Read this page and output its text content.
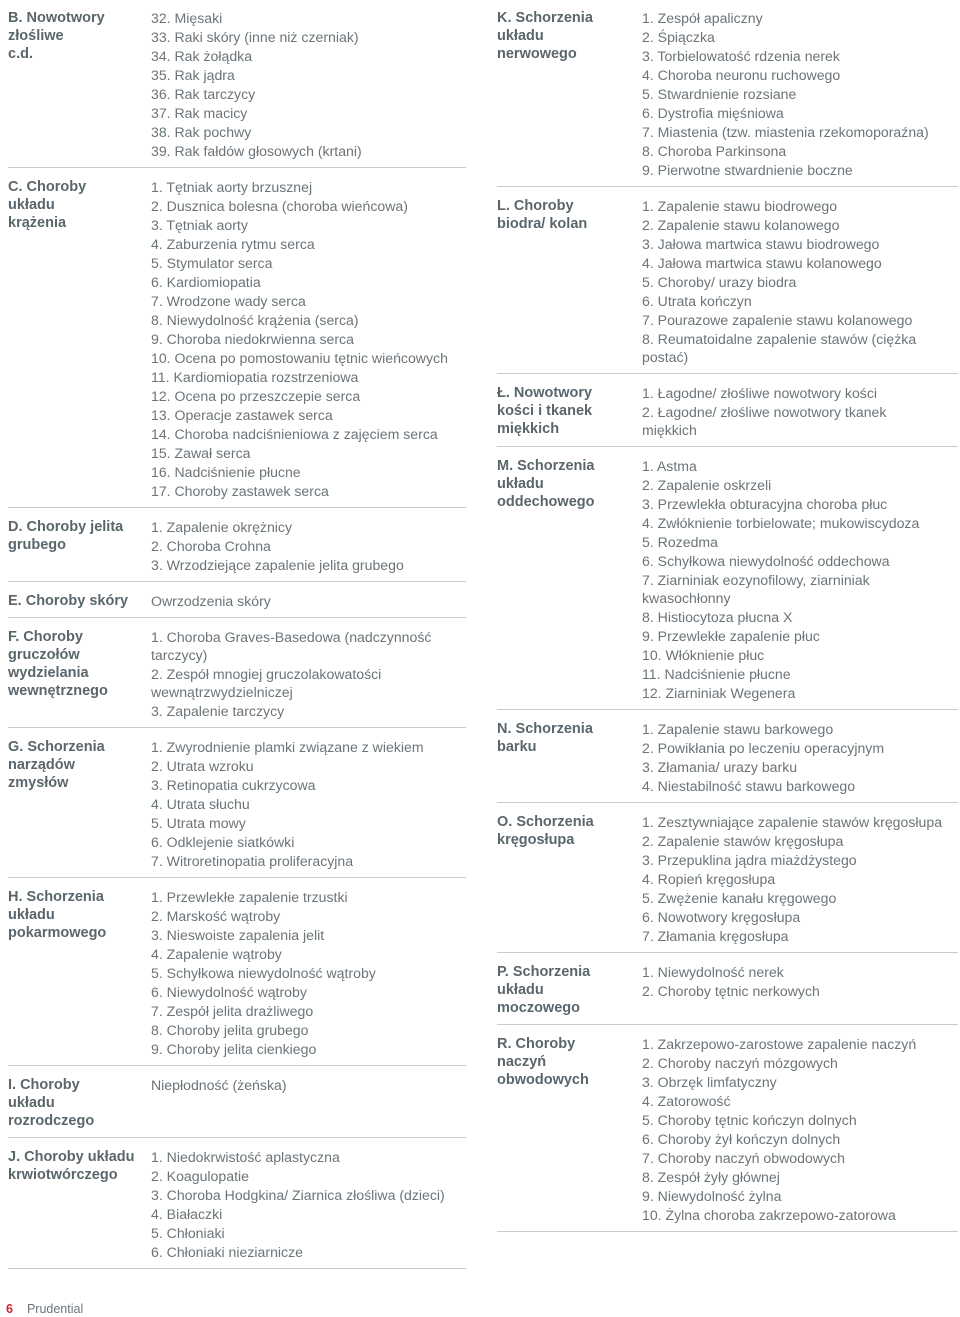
B. Nowotwory
złośliwe
c.d.
32. Mięsaki
33. Raki skóry (inne niż czerniak)
34. Rak żołądka
35. Rak jądra
36. Rak tarczycy
37. Rak macicy
38. Rak pochwy
39. Rak fałdów głosowych (krtani)
C. Choroby
układu
krążenia
1. Tętniak aorty brzusznej
2. Dusznica bolesna (choroba wieńcowa)
3. Tętniak aorty
4. Zaburzenia rytmu serca
5. Stymulator serca
6. Kardiomiopatia
7. Wrodzone wady serca
8. Niewydolność krążenia (serca)
9. Choroba niedokrwienna serca
10. Ocena po pomostowaniu tętnic wieńcowych
11. Kardiomiopatia rozstrzeniowa
12. Ocena po przeszczepie serca
13. Operacje zastawek serca
14. Choroba nadciśnieniowa z zajęciem serca
15. Zawał serca
16. Nadciśnienie płucne
17. Choroby zastawek serca
D. Choroby jelita
grubego
1. Zapalenie okrężnicy
2. Choroba Crohna
3. Wrzodziejące zapalenie jelita grubego
E. Choroby skóry	Owrzodzenia skóry
F. Choroby
gruczołów
wydzielania
wewnętrznego
1. Choroba Graves-Basedowa (nadczynność
tarczycy)
2. Zespół mnogiej gruczolakowatości
wewnątrzwydzielniczej
3. Zapalenie tarczycy
G. Schorzenia
narządów
zmysłów
1. Zwyrodnienie plamki związane z wiekiem
2. Utrata wzroku
3. Retinopatia cukrzycowa
4. Utrata słuchu
5. Utrata mowy
6. Odklejenie siatkówki
7. Witroretinopatia proliferacyjna
H. Schorzenia
układu
pokarmowego
1. Przewlekłe zapalenie trzustki
2. Marskość wątroby
3. Nieswoiste zapalenia jelit
4. Zapalenie wątroby
5. Schyłkowa niewydolność wątroby
6. Niewydolność wątroby
7. Zespół jelita drażliwego
8. Choroby jelita grubego
9. Choroby jelita cienkiego
I. Choroby
układu
rozrodczego
Niepłodność (żeńska)
J. Choroby układu
krwiotwórczego
1. Niedokrwistość aplastyczna
2. Koagulopatie
3. Choroba Hodgkina/ Ziarnica złośliwa (dzieci)
4. Białaczki
5. Chłoniaki
6. Chłoniaki nieziarnicze
K. Schorzenia
układu
nerwowego
1. Zespół apaliczny
2. Śpiączka
3. Torbielowatość rdzenia nerek
4. Choroba neuronu ruchowego
5. Stwardnienie rozsiane
6. Dystrofia mięśniowa
7. Miastenia (tzw. miastenia rzekomoporaźna)
8. Choroba Parkinsona
9. Pierwotne stwardnienie boczne
L. Choroby
biodra/ kolan
1. Zapalenie stawu biodrowego
2. Zapalenie stawu kolanowego
3. Jałowa martwica stawu biodrowego
4. Jałowa martwica stawu kolanowego
5. Choroby/ urazy biodra
6. Utrata kończyn
7. Pourazowe zapalenie stawu kolanowego
8. Reumatoidalne zapalenie stawów (ciężka
postać)
Ł. Nowotwory
kości i tkanek
miękkich
1. Łagodne/ złośliwe nowotwory kości
2. Łagodne/ złośliwe nowotwory tkanek
miękkich
M. Schorzenia
układu
oddechowego
1. Astma
2. Zapalenie oskrzeli
3. Przewlekła obturacyjna choroba płuc
4. Zwłóknienie torbielowate; mukowiscydoza
5. Rozedma
6. Schyłkowa niewydolność oddechowa
7. Ziarniniak eozynofilowy, ziarniniak
kwasochłonny
8. Histiocytoza płucna X
9. Przewlekłe zapalenie płuc
10. Włóknienie płuc
11. Nadciśnienie płucne
12. Ziarniniak Wegenera
N. Schorzenia
barku
1. Zapalenie stawu barkowego
2. Powikłania po leczeniu operacyjnym
3. Złamania/ urazy barku
4. Niestabilność stawu barkowego
O. Schorzenia
kręgosłupa
1. Zesztywniające zapalenie stawów kręgosłupa
2. Zapalenie stawów kręgosłupa
3. Przepuklina jądra miażdżystego
4. Ropień kręgosłupa
5. Zwężenie kanału kręgowego
6. Nowotwory kręgosłupa
7. Złamania kręgosłupa
P. Schorzenia
układu
moczowego
1. Niewydolność nerek
2. Choroby tętnic nerkowych
R. Choroby
naczyń
obwodowych
1. Zakrzepowo-zarostowe zapalenie naczyń
2. Choroby naczyń mózgowych
3. Obrzęk limfatyczny
4. Zatorowość
5. Choroby tętnic kończyn dolnych
6. Choroby żył kończyn dolnych
7. Choroby naczyń obwodowych
8. Zespół żyły głównej
9. Niewydolność żylna
10. Żylna choroba zakrzepowo-zatorowa
6 Prudential
